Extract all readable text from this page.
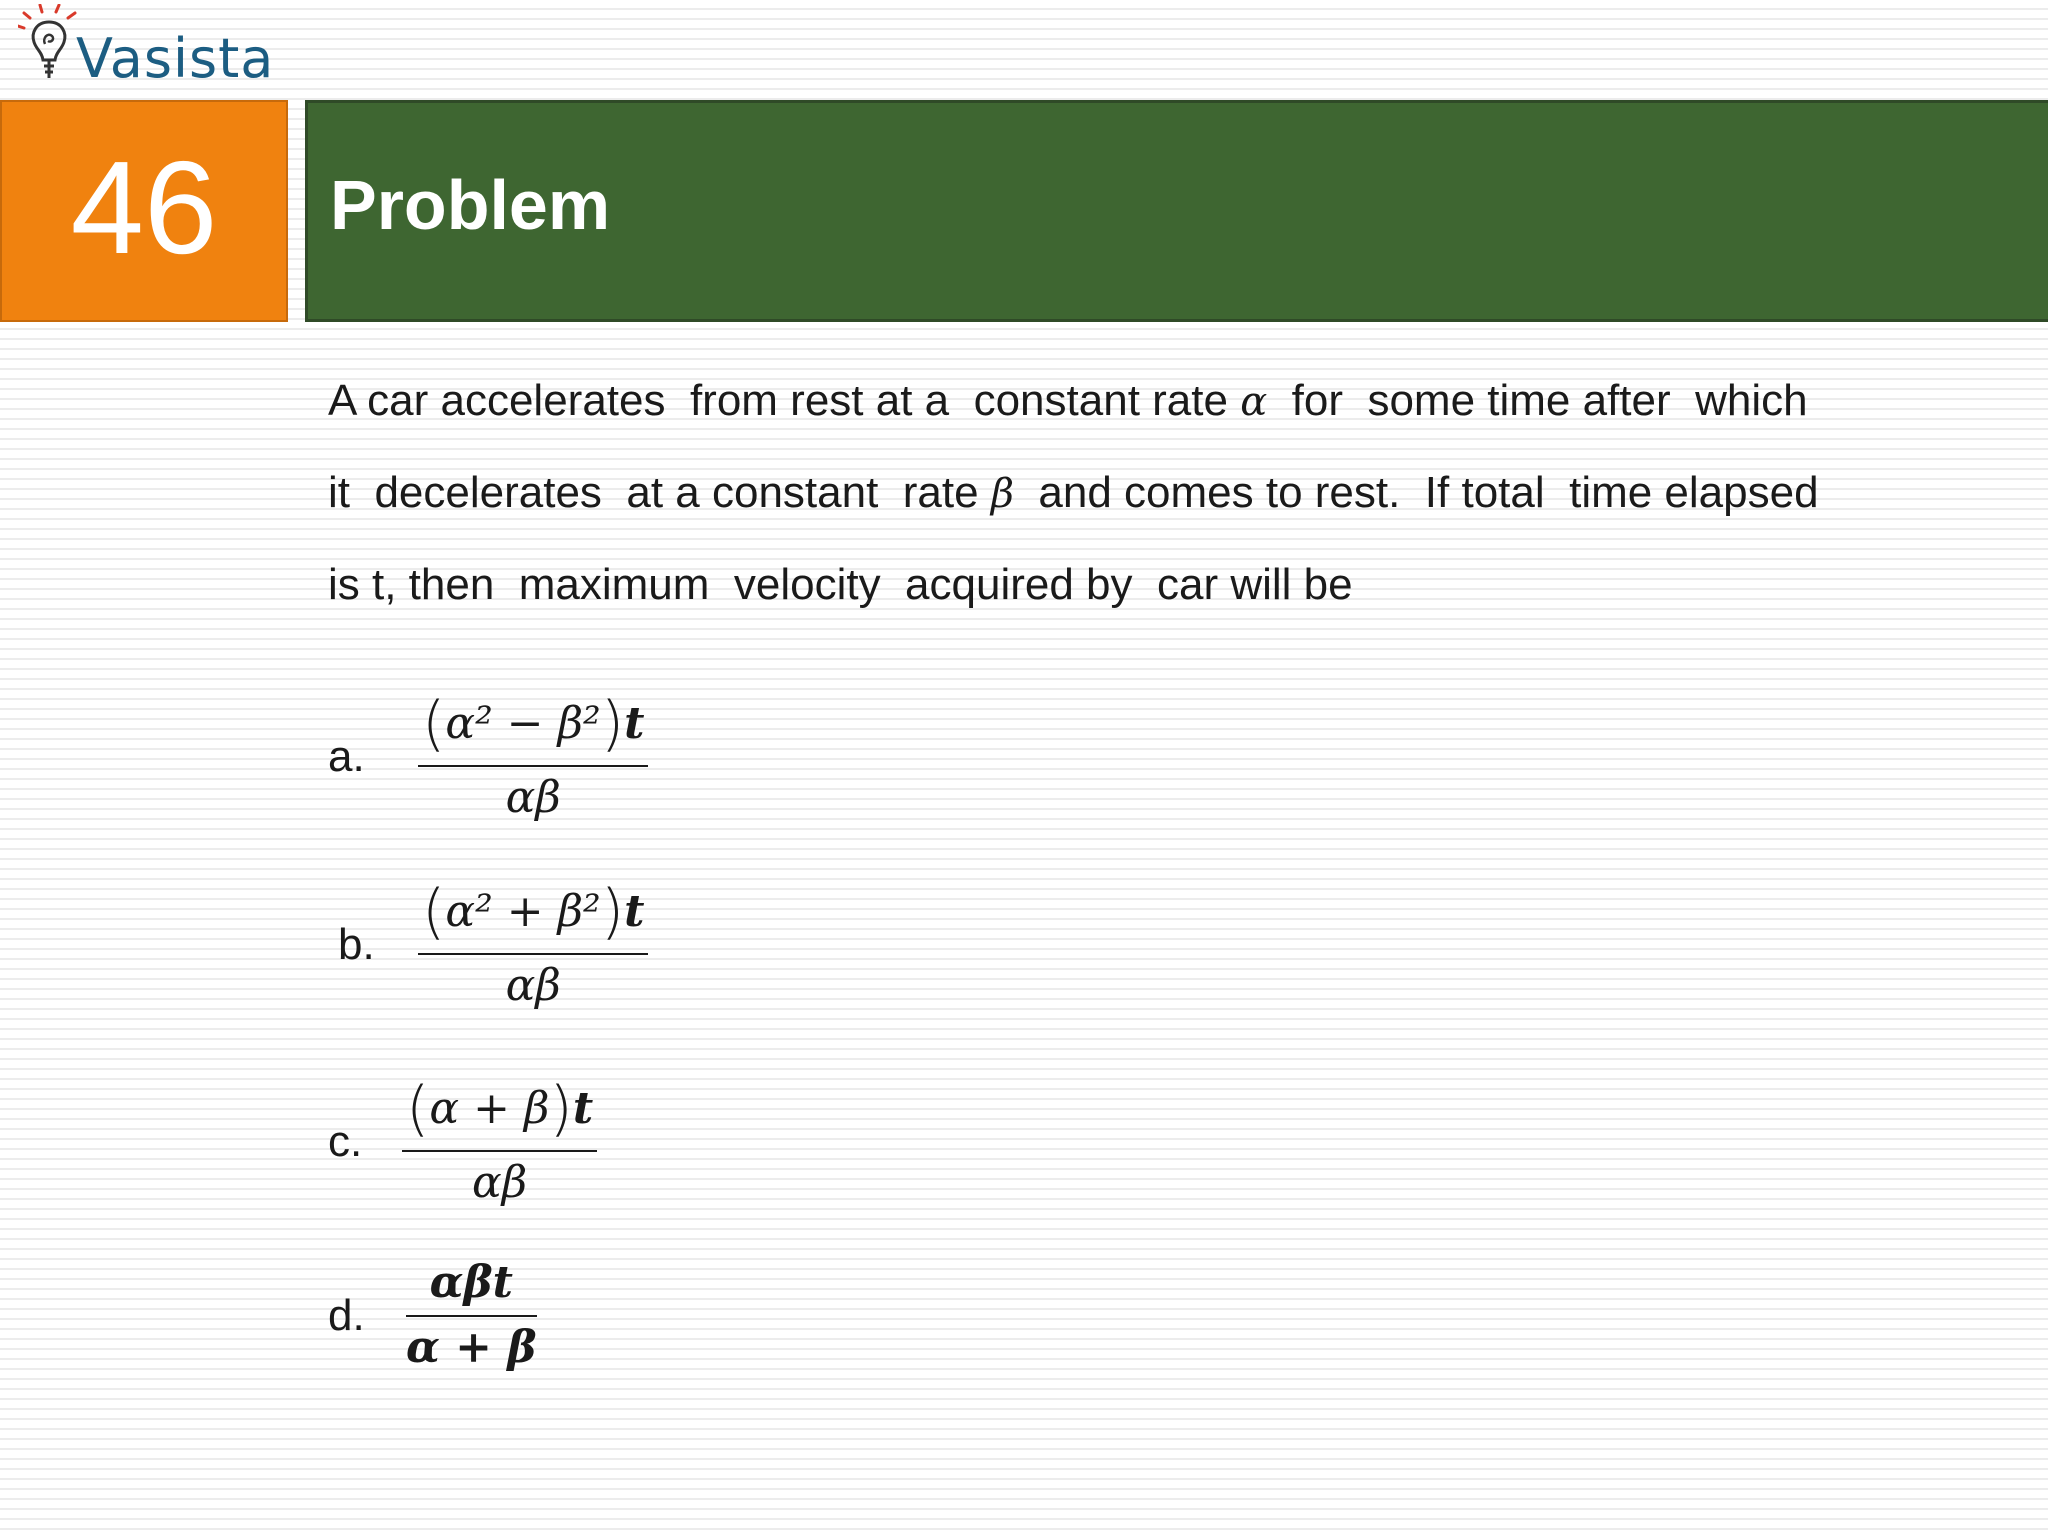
Vasista
46 Problem
A car accelerates  from rest at a  constant rate α  for  some time after  which
it  decelerates  at a constant  rate β  and comes to rest.  If total  time elapsed
is t, then  maximum  velocity  acquired by  car will be
a. $\frac{\text{(α² − β²)t}}{\alpha\beta}$
b. $\frac{\text{(α² + β²)t}}{\alpha\beta}$
c. $\frac{(\alpha + \beta)t}{\alpha\beta}$
d. $\frac{\text{αβt}}{\alpha + \beta}$
